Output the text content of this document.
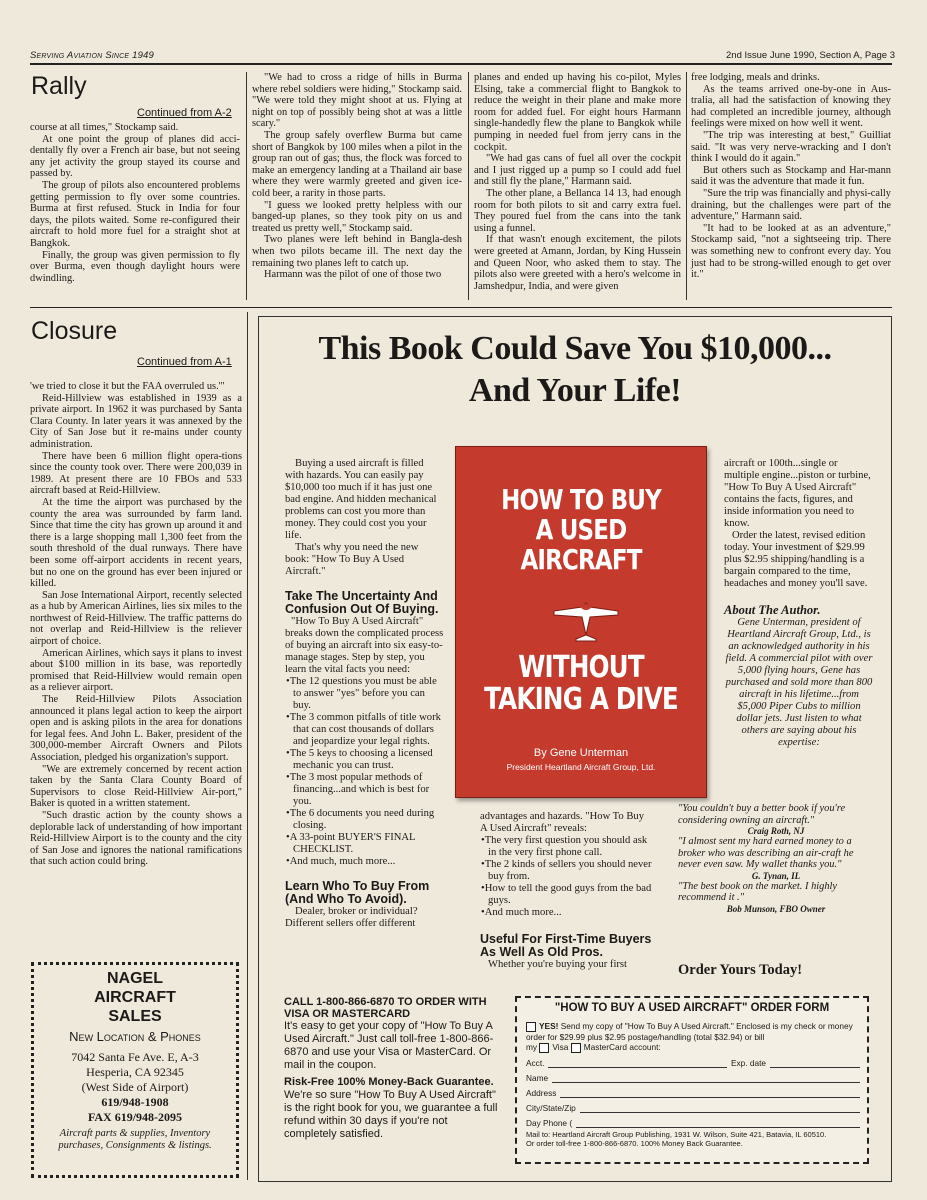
Serving Aviation Since 1949	2nd Issue June 1990, Section A, Page 3
Rally
Continued from A-2

course at all times," Stockamp said.

At one point the group of planes did acci-dentally fly over a French air base, but not seeing any jet activity the group stayed its course and passed by.

The group of pilots also encountered problems getting permission to fly over some countries. Burma at first refused. Stuck in India for four days, the pilots waited. Some re-configured their aircraft to hold more fuel for a straight shot at Bangkok.

Finally, the group was given permission to fly over Burma, even though daylight hours were dwindling.

"We had to cross a ridge of hills in Burma where rebel soldiers were hiding," Stockamp said. "We were told they might shoot at us. Flying at night on top of possibly being shot at was a little scary."

The group safely overflew Burma but came short of Bangkok by 100 miles when a pilot in the group ran out of gas; thus, the flock was forced to make an emergency landing at a Thailand air base where they were warmly greeted and given ice-cold beer, a rarity in those parts.

"I guess we looked pretty helpless with our banged-up planes, so they took pity on us and treated us pretty well," Stockamp said.

Two planes were left behind in Bangla-desh when two pilots became ill. The next day the remaining two planes left to catch up.

Harmann was the pilot of one of those two

planes and ended up having his co-pilot, Myles Elsing, take a commercial flight to Bangkok to reduce the weight in their plane and make more room for added fuel. For eight hours Harmann single-handedly flew the plane to Bangkok while pumping in needed fuel from jerry cans in the cockpit.

"We had gas cans of fuel all over the cockpit and I just rigged up a pump so I could add fuel and still fly the plane," Harmann said.

The other plane, a Bellanca 14 13, had enough room for both pilots to sit and carry extra fuel. They poured fuel from the cans into the tank using a funnel.

If that wasn't enough excitement, the pilots were greeted at Amann, Jordan, by King Hussein and Queen Noor, who asked them to stay. The pilots also were greeted with a hero's welcome in Jamshedpur, India, and were given

free lodging, meals and drinks.

As the teams arrived one-by-one in Aus-tralia, all had the satisfaction of knowing they had completed an incredible journey, although feelings were mixed on how well it went.

"The trip was interesting at best," Guilliat said. "It was very nerve-wracking and I don't think I would do it again."

But others such as Stockamp and Har-mann said it was the adventure that made it fun.

"Sure the trip was financially and physi-cally draining, but the challenges were part of the adventure," Harmann said.

"It had to be looked at as an adventure," Stockamp said, "not a sightseeing trip. There was something new to confront every day. You just had to be strong-willed enough to get over it."

Closure
Continued from A-1

'we tried to close it but the FAA overruled us.'"

Reid-Hillview was established in 1939 as a private airport. In 1962 it was purchased by Santa Clara County. In later years it was annexed by the City of San Jose but it re-mains under county administration.

There have been 6 million flight opera-tions since the county took over. There were 200,039 in 1989. At present there are 10 FBOs and 533 aircraft based at Reid-Hillview.

At the time the airport was purchased by the county the area was surrounded by farm land. Since that time the city has grown up around it and there is a large shopping mall 1,300 feet from the south threshold of the dual runways. There have been some off-airport accidents in recent years, but no one on the ground has ever been injured or killed.

San Jose International Airport, recently selected as a hub by American Airlines, lies six miles to the northwest of Reid-Hillview. The traffic patterns do not overlap and Reid-Hillview is the reliever airport of choice.

American Airlines, which says it plans to invest about $100 million in its base, was reportedly promised that Reid-Hillview would remain open as a reliever airport.

The Reid-Hillview Pilots Association announced it plans legal action to keep the airport open and is asking pilots in the area for donations for legal fees. And John L. Baker, president of the 300,000-member Aircraft Owners and Pilots Association, pledged his organization's support.

"We are extremely concerned by recent action taken by the Santa Clara County Board of Supervisors to close Reid-Hillview Air-port," Baker is quoted in a written statement.

"Such drastic action by the county shows a deplorable lack of understanding of how important Reid-Hillview Airport is to the county and the city of San Jose and ignores the national ramifications that such action could bring.

NAGEL
AIRCRAFT
SALES
New Location & Phones
7042 Santa Fe Ave. E, A-3
Hesperia, CA 92345
(West Side of Airport)
619/948-1908
FAX 619/948-2095
Aircraft parts & supplies, Inventory
purchases, Consignments & listings.
This Book Could Save You $10,000...
And Your Life!

Buying a used aircraft is filled with hazards. You can easily pay $10,000 too much if it has just one bad engine. And hidden mechanical problems can cost you more than money. They could cost you your life.

That's why you need the new book: "How To Buy A Used Aircraft."

Take The Uncertainty And Confusion Out Of Buying.

"How To Buy A Used Aircraft" breaks down the complicated process of buying an aircraft into six easy-to-manage stages. Step by step, you learn the vital facts you need:

•The 12 questions you must be able to answer "yes" before you can buy.

•The 3 common pitfalls of title work that can cost thousands of dollars and jeopardize your legal rights.

•The 5 keys to choosing a licensed mechanic you can trust.

•The 3 most popular methods of financing...and which is best for you.

•The 6 documents you need during closing.

•A 33-point BUYER'S FINAL CHECKLIST.

•And much, much more...

Learn Who To Buy From (And Who To Avoid).

Dealer, broker or individual? Different sellers offer different

HOW TO BUY
A USED AIRCRAFT
WITHOUT
TAKING A DIVE
By Gene Unterman
President Heartland Aircraft Group, Ltd.

advantages and hazards. "How To Buy A Used Aircraft" reveals:

•The very first question you should ask in the very first phone call.

•The 2 kinds of sellers you should never buy from.

•How to tell the good guys from the bad guys.

•And much more...

Useful For First-Time Buyers As Well As Old Pros.

Whether you're buying your first

aircraft or 100th...single or multiple engine...piston or turbine, "How To Buy A Used Aircraft" contains the facts, figures, and inside information you need to know.

Order the latest, revised edition today. Your investment of $29.99 plus $2.95 shipping/handling is a bargain compared to the time, headaches and money you'll save.

About The Author.

Gene Unterman, president of Heartland Aircraft Group, Ltd., is an acknowledged authority in his field. A commercial pilot with over 5,000 flying hours, Gene has purchased and sold more than 800 aircraft in his lifetime...from $5,000 Piper Cubs to million dollar jets. Just listen to what others are saying about his expertise:

"You couldn't buy a better book if you're considering owning an aircraft."
Craig Roth, NJ
"I almost sent my hard earned money to a broker who was describing an air-craft he never even saw. My wallet thanks you."
G. Tynan, IL
"The best book on the market. I highly recommend it ."
Bob Munson, FBO Owner
Order Yours Today!
CALL 1-800-866-6870 TO ORDER WITH VISA OR MASTERCARD
It's easy to get your copy of "How To Buy A Used Aircraft." Just call toll-free 1-800-866-6870 and use your Visa or MasterCard. Or mail in the coupon.
Risk-Free 100% Money-Back Guarantee.
We're so sure "How To Buy A Used Aircraft" is the right book for you, we guarantee a full refund within 30 days if you're not completely satisfied.
"HOW TO BUY A USED AIRCRAFT" ORDER FORM
YES! Send my copy of "How To Buy A Used Aircraft." Enclosed is my check or money order for $29.99 plus $2.95 postage/handling (total $32.94) or bill
my Visa MasterCard account:
Acct.	Exp. date
Name
Address
City/State/Zip
Day Phone (
Mail to: Heartland Aircraft Group Publishing, 1931 W. Wilson, Suite 421, Batavia, IL 60510.
Or order toll-free 1-800-866-6870. 100% Money Back Guarantee.
